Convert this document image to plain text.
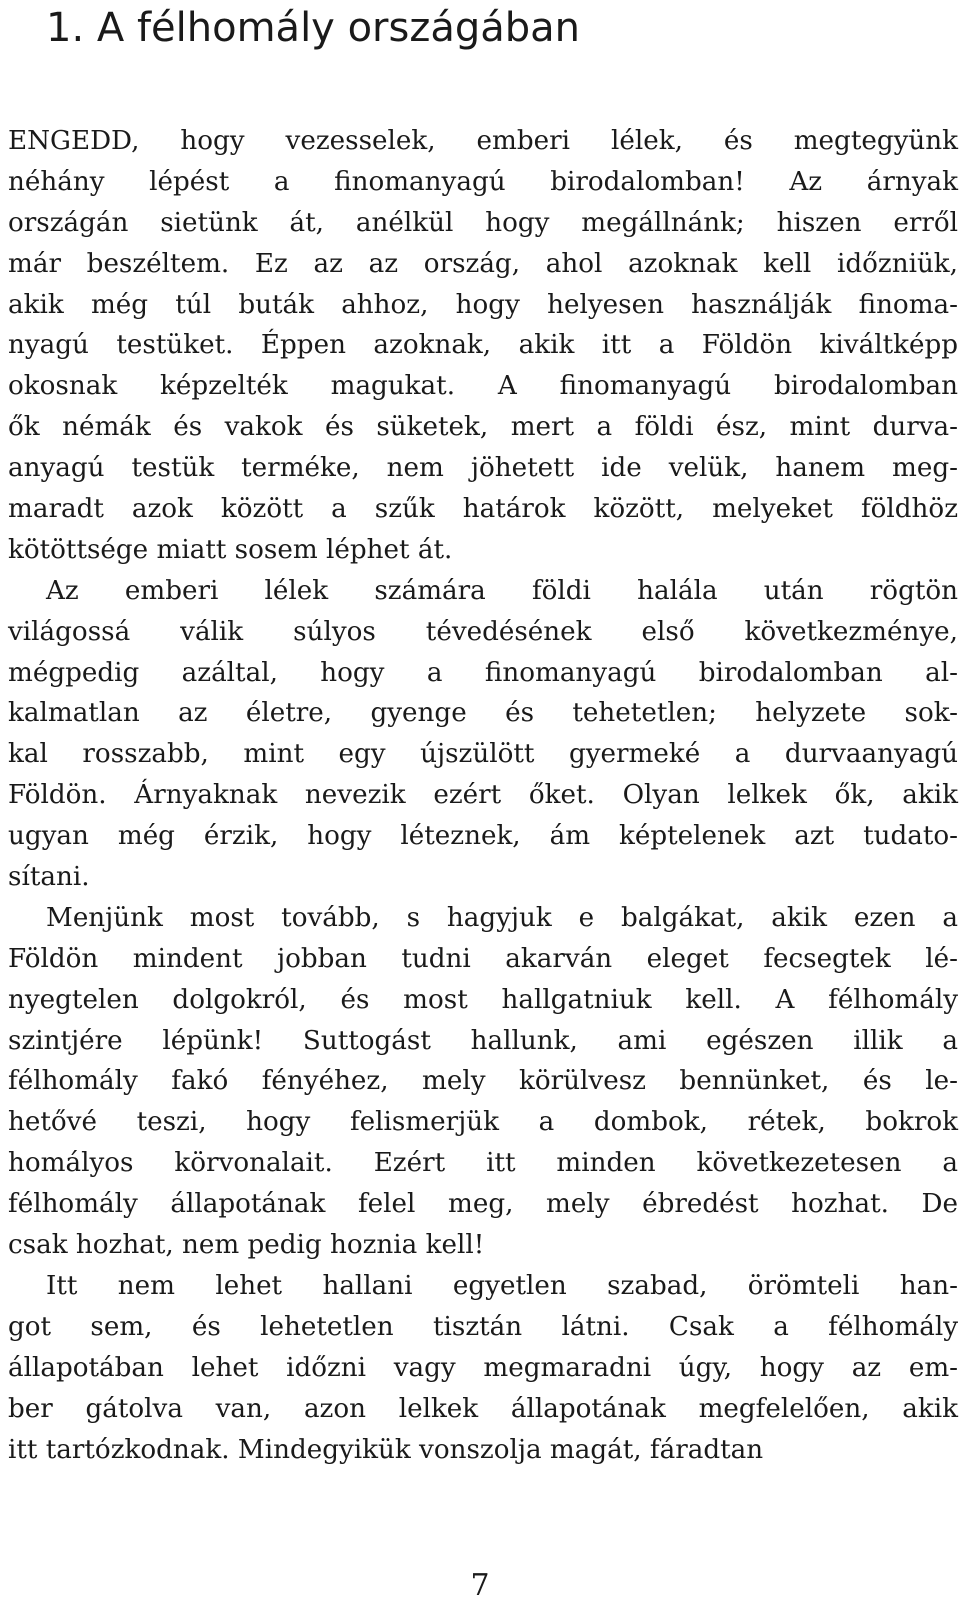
1. A félhomály országában
ENGEDD, hogy vezesselek, emberi lélek, és megtegyünk
néhány lépést a finomanyagú birodalomban! Az árnyak
országán sietünk át, anélkül hogy megállnánk; hiszen erről
már beszéltem. Ez az az ország, ahol azoknak kell időzniük,
akik még túl buták ahhoz, hogy helyesen használják finoma-
nyagú testüket. Éppen azoknak, akik itt a Földön kiváltképp
okosnak képzelték magukat. A finomanyagú birodalomban
ők némák és vakok és süketek, mert a földi ész, mint durva-
anyagú testük terméke, nem jöhetett ide velük, hanem meg-
maradt azok között a szűk határok között, melyeket földhöz
kötöttsége miatt sosem léphet át.
Az emberi lélek számára földi halála után rögtön
világossá válik súlyos tévedésének első következménye,
mégpedig azáltal, hogy a finomanyagú birodalomban al-
kalmatlan az életre, gyenge és tehetetlen; helyzete sok-
kal rosszabb, mint egy újszülött gyermeké a durvaanyagú
Földön. Árnyaknak nevezik ezért őket. Olyan lelkek ők, akik
ugyan még érzik, hogy léteznek, ám képtelenek azt tudato-
sítani.
Menjünk most tovább, s hagyjuk e balgákat, akik ezen a
Földön mindent jobban tudni akarván eleget fecsegtek lé-
nyegtelen dolgokról, és most hallgatniuk kell. A félhomály
szintjére lépünk! Suttogást hallunk, ami egészen illik a
félhomály fakó fényéhez, mely körülvesz bennünket, és le-
hetővé teszi, hogy felismerjük a dombok, rétek, bokrok
homályos körvonalait. Ezért itt minden következetesen a
félhomály állapotának felel meg, mely ébredést hozhat. De
csak hozhat, nem pedig hoznia kell!
Itt nem lehet hallani egyetlen szabad, örömteli han-
got sem, és lehetetlen tisztán látni. Csak a félhomály
állapotában lehet időzni vagy megmaradni úgy, hogy az em-
ber gátolva van, azon lelkek állapotának megfelelően, akik
itt tartózkodnak. Mindegyikük vonszolja magát, fáradtan
7
